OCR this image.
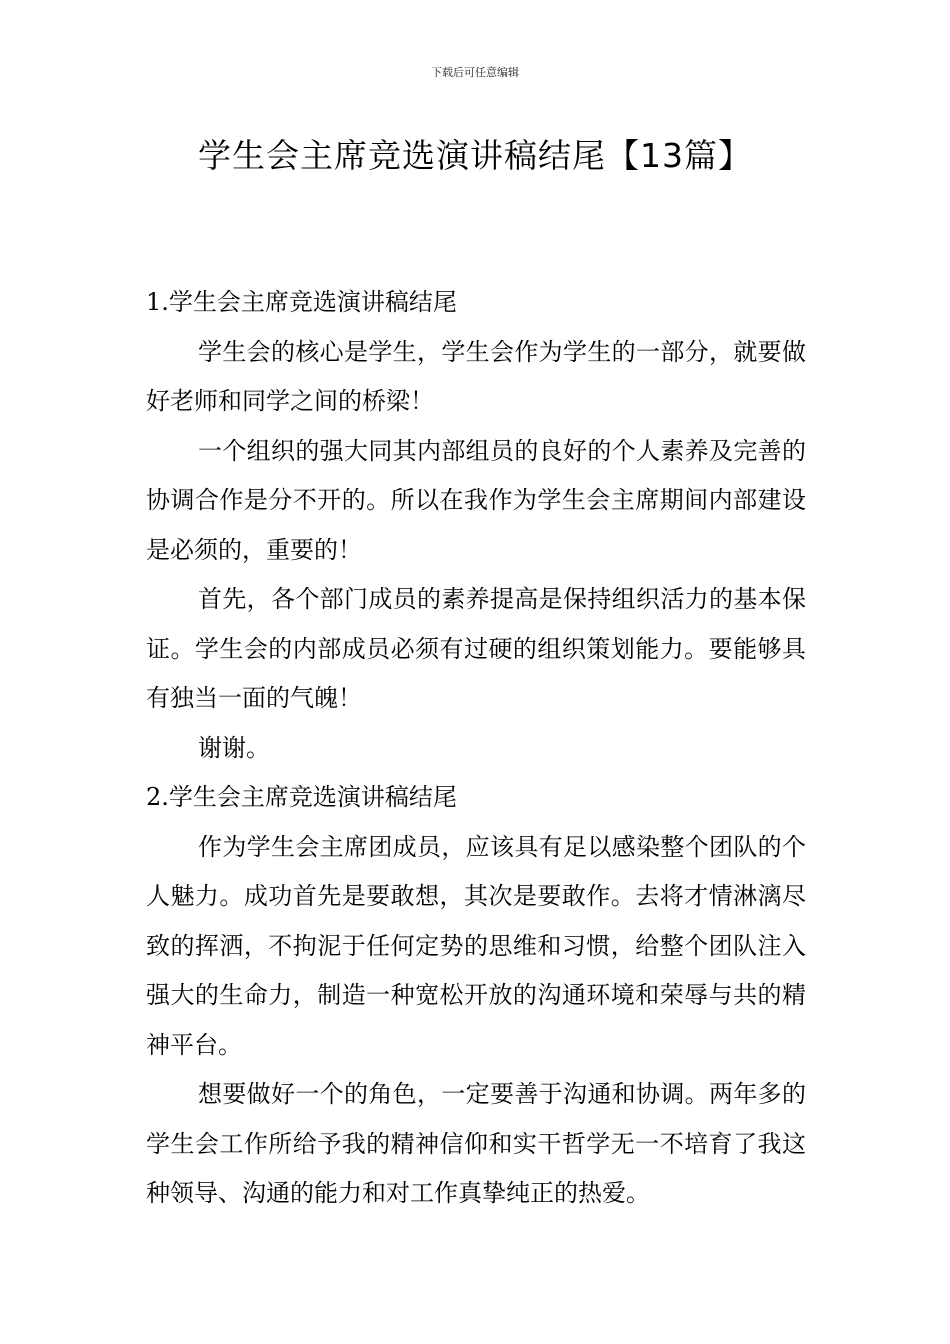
下载后可任意编辑
学生会主席竞选演讲稿结尾【13篇】

1.学生会主席竞选演讲稿结尾

学生会的核心是学生，学生会作为学生的一部分，就要做好老师和同学之间的桥梁！

一个组织的强大同其内部组员的良好的个人素养及完善的协调合作是分不开的。所以在我作为学生会主席期间内部建设是必须的，重要的！

首先，各个部门成员的素养提高是保持组织活力的基本保证。学生会的内部成员必须有过硬的组织策划能力。要能够具有独当一面的气魄！

谢谢。

2.学生会主席竞选演讲稿结尾

作为学生会主席团成员，应该具有足以感染整个团队的个人魅力。成功首先是要敢想，其次是要敢作。去将才情淋漓尽致的挥洒，不拘泥于任何定势的思维和习惯，给整个团队注入强大的生命力，制造一种宽松开放的沟通环境和荣辱与共的精神平台。

想要做好一个的角色，一定要善于沟通和协调。两年多的学生会工作所给予我的精神信仰和实干哲学无一不培育了我这种领导、沟通的能力和对工作真挚纯正的热爱。
